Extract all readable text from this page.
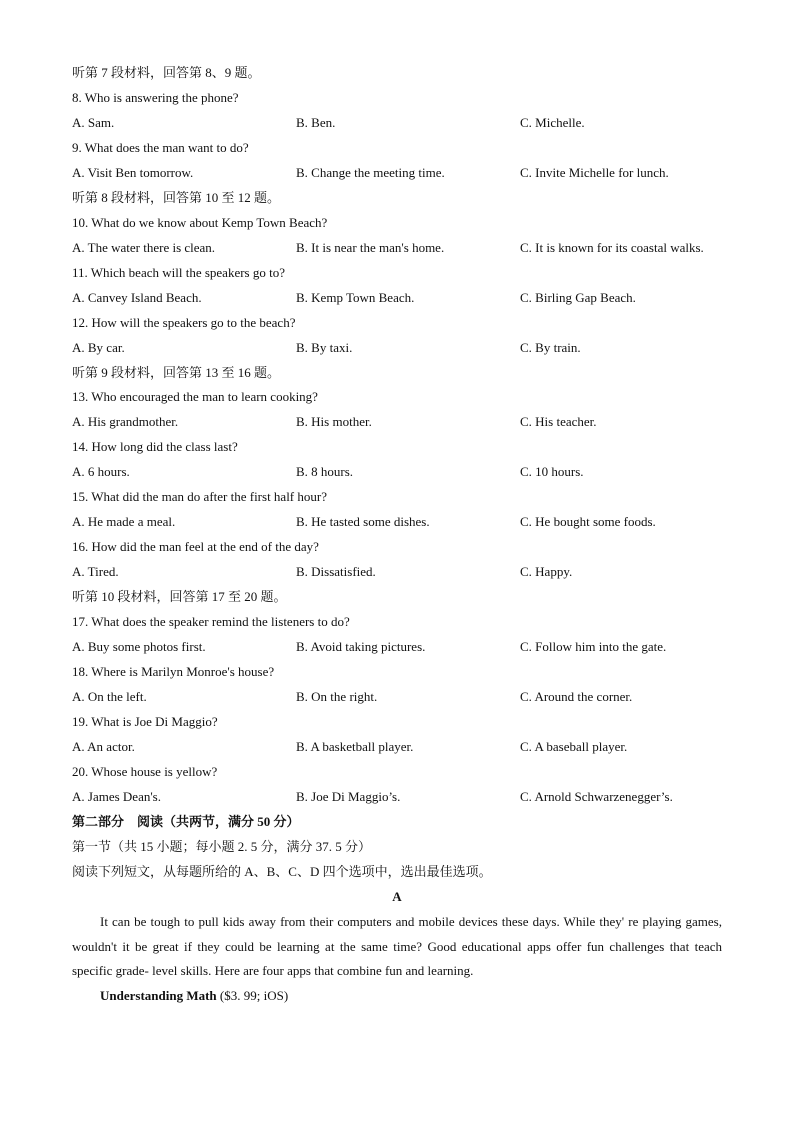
听第 7 段材料，回答第 8、9 题。
8. Who is answering the phone?
A. Sam.	B. Ben.	C. Michelle.
9. What does the man want to do?
A. Visit Ben tomorrow.	B. Change the meeting time.	C. Invite Michelle for lunch.
听第 8 段材料，回答第 10 至 12 题。
10. What do we know about Kemp Town Beach?
A. The water there is clean.	B. It is near the man's home.	C. It is known for its coastal walks.
11. Which beach will the speakers go to?
A. Canvey Island Beach.	B. Kemp Town Beach.	C. Birling Gap Beach.
12. How will the speakers go to the beach?
A. By car.	B. By taxi.	C. By train.
听第 9 段材料，回答第 13 至 16 题。
13. Who encouraged the man to learn cooking?
A. His grandmother.	B. His mother.	C. His teacher.
14. How long did the class last?
A. 6 hours.	B. 8 hours.	C. 10 hours.
15. What did the man do after the first half hour?
A. He made a meal.	B. He tasted some dishes.	C. He bought some foods.
16. How did the man feel at the end of the day?
A. Tired.	B. Dissatisfied.	C. Happy.
听第 10 段材料，回答第 17 至 20 题。
17. What does the speaker remind the listeners to do?
A. Buy some photos first.	B. Avoid taking pictures.	C. Follow him into the gate.
18. Where is Marilyn Monroe's house?
A. On the left.	B. On the right.	C. Around the corner.
19. What is Joe Di Maggio?
A. An actor.	B. A basketball player.	C. A baseball player.
20. Whose house is yellow?
A. James Dean's.	B. Joe Di Maggio’s.	C. Arnold Schwarzenegger’s.
第二部分　阅读（共两节，满分 50 分）
第一节（共 15 小题；每小题 2. 5 分，满分 37. 5 分）
阅读下列短文，从每题所给的 A、B、C、D 四个选项中，选出最佳选项。
A
It can be tough to pull kids away from their computers and mobile devices these days. While they' re playing games, wouldn't it be great if they could be learning at the same time? Good educational apps offer fun challenges that teach specific grade- level skills. Here are four apps that combine fun and learning.
Understanding Math ($3. 99; iOS)
